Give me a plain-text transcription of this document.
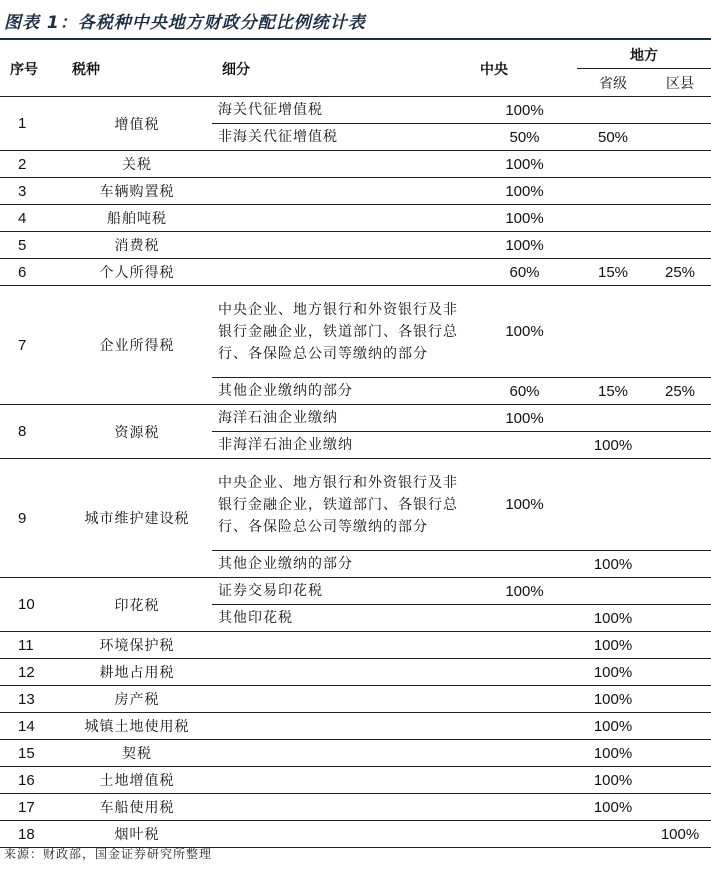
图表 1：各税种中央地方财政分配比例统计表
序号	税种	细分	中央	地方	
				省级	区县
1	增值税	海关代征增值税	100%		
		非海关代征增值税	50%	50%	
2	关税		100%		
3	车辆购置税		100%		
4	船舶吨税		100%		
5	消费税		100%		
6	个人所得税		60%	15%	25%
7	企业所得税	中央企业、地方银行和外资银行及非银行金融企业，铁道部门、各银行总行、各保险总公司等缴纳的部分	100%		
		其他企业缴纳的部分	60%	15%	25%
8	资源税	海洋石油企业缴纳	100%		
		非海洋石油企业缴纳		100%	
9	城市维护建设税	中央企业、地方银行和外资银行及非银行金融企业，铁道部门、各银行总行、各保险总公司等缴纳的部分	100%		
		其他企业缴纳的部分		100%	
10	印花税	证券交易印花税	100%		
		其他印花税		100%	
11	环境保护税			100%	
12	耕地占用税			100%	
13	房产税			100%	
14	城镇土地使用税			100%	
15	契税			100%	
16	土地增值税			100%	
17	车船使用税			100%	
18	烟叶税				100%
来源：财政部，国金证券研究所整理
